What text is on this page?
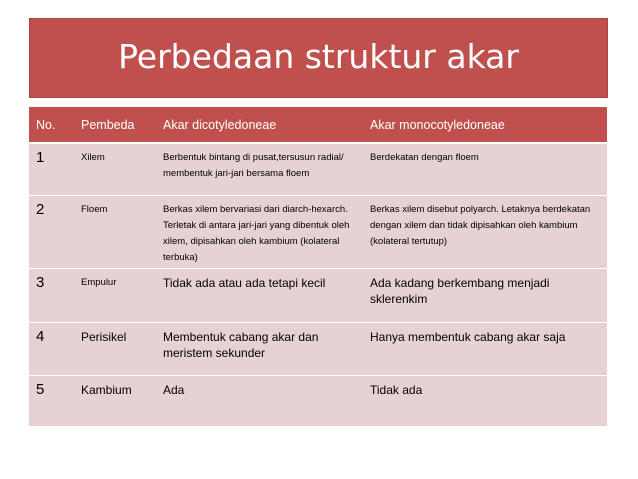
Perbedaan struktur akar
No.	Pembeda	Akar dicotyledoneae	Akar monocotyledoneae
1	Xilem	Berbentuk bintang di pusat,tersusun radial/ membentuk jari-jari bersama floem	Berdekatan dengan floem
2	Floem	Berkas xilem bervariasi dari diarch-hexarch. Terletak di antara jari-jari yang dibentuk oleh xilem, dipisahkan oleh kambium (kolateral terbuka)	Berkas xilem disebut polyarch. Letaknya berdekatan dengan xilem dan tidak dipisahkan oleh kambium (kolateral tertutup)
3	Empulur	Tidak ada atau ada tetapi kecil	Ada kadang berkembang menjadi sklerenkim
4	Perisikel	Membentuk cabang akar dan meristem sekunder	Hanya membentuk cabang akar saja
5	Kambium	Ada	Tidak ada
